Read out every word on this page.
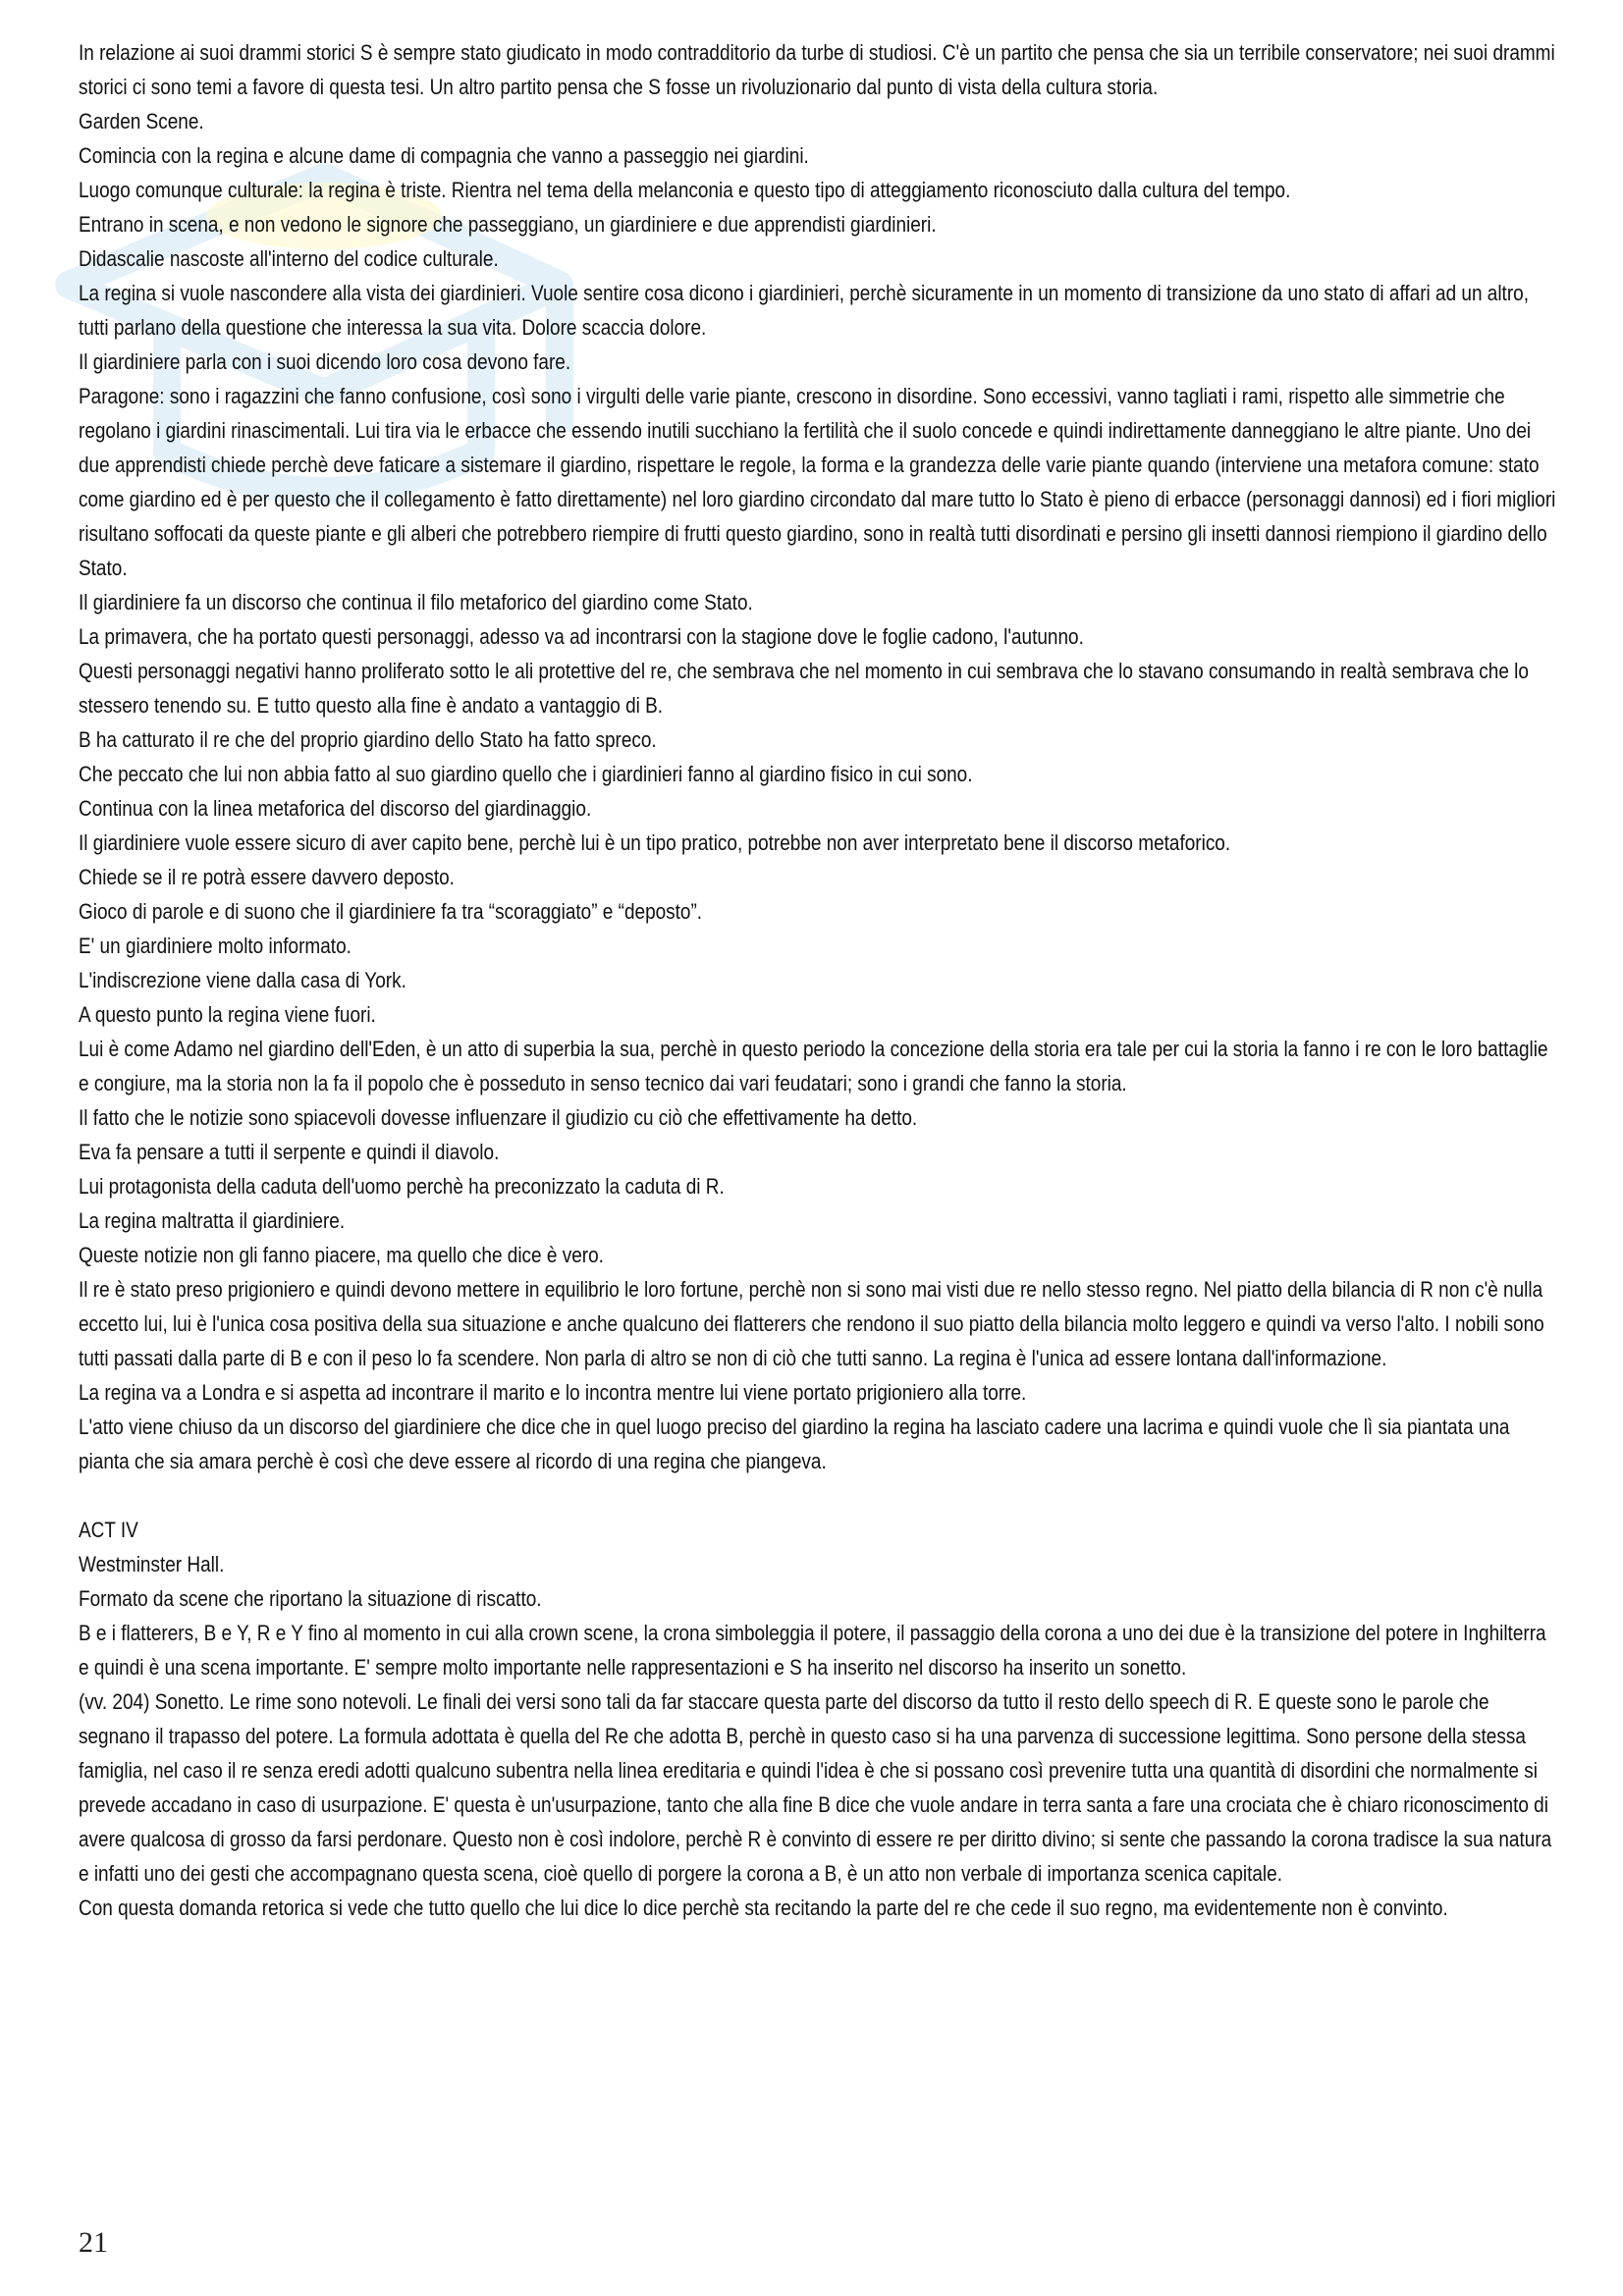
In relazione ai suoi drammi storici S è sempre stato giudicato in modo contradditorio da turbe di studiosi. C'è un partito che pensa che sia un terribile conservatore; nei suoi drammi storici ci sono temi a favore di questa tesi. Un altro partito pensa che S fosse un rivoluzionario dal punto di vista della cultura storia.

Garden Scene.

Comincia con la regina e alcune dame di compagnia che vanno a passeggio nei giardini.

Luogo comunque culturale: la regina è triste. Rientra nel tema della melanconia e questo tipo di atteggiamento riconosciuto dalla cultura del tempo.

Entrano in scena, e non vedono le signore che passeggiano, un giardiniere e due apprendisti giardinieri.

Didascalie nascoste all'interno del codice culturale.

La regina si vuole nascondere alla vista dei giardinieri. Vuole sentire cosa dicono i giardinieri, perchè sicuramente in un momento di transizione da uno stato di affari ad un altro, tutti parlano della questione che interessa la sua vita. Dolore scaccia dolore.

Il giardiniere parla con i suoi dicendo loro cosa devono fare.

Paragone: sono i ragazzini che fanno confusione, così sono i virgulti delle varie piante, crescono in disordine. Sono eccessivi, vanno tagliati i rami, rispetto alle simmetrie che regolano i giardini rinascimentali. Lui tira via le erbacce che essendo inutili succhiano la fertilità che il suolo concede e quindi indirettamente danneggiano le altre piante. Uno dei due apprendisti chiede perchè deve faticare a sistemare il giardino, rispettare le regole, la forma e la grandezza delle varie piante quando (interviene una metafora comune: stato come giardino ed è per questo che il collegamento è fatto direttamente) nel loro giardino circondato dal mare tutto lo Stato è pieno di erbacce (personaggi dannosi) ed i fiori migliori risultano soffocati da queste piante e gli alberi che potrebbero riempire di frutti questo giardino, sono in realtà tutti disordinati e persino gli insetti dannosi riempiono il giardino dello Stato.

Il giardiniere fa un discorso che continua il filo metaforico del giardino come Stato.

La primavera, che ha portato questi personaggi, adesso va ad incontrarsi con la stagione dove le foglie cadono, l'autunno.

Questi personaggi negativi hanno proliferato sotto le ali protettive del re, che sembrava che nel momento in cui sembrava che lo stavano consumando in realtà sembrava che lo stessero tenendo su. E tutto questo alla fine è andato a vantaggio di B.

B ha catturato il re che del proprio giardino dello Stato ha fatto spreco.

Che peccato che lui non abbia fatto al suo giardino quello che i giardinieri fanno al giardino fisico in cui sono.

Continua con la linea metaforica del discorso del giardinaggio.

Il giardiniere vuole essere sicuro di aver capito bene, perchè lui è un tipo pratico, potrebbe non aver interpretato bene il discorso metaforico.

Chiede se il re potrà essere davvero deposto.

Gioco di parole e di suono che il giardiniere fa tra “scoraggiato” e “deposto”.

E' un giardiniere molto informato.

L'indiscrezione viene dalla casa di York.

A questo punto la regina viene fuori.

Lui è come Adamo nel giardino dell'Eden, è un atto di superbia la sua, perchè in questo periodo la concezione della storia era tale per cui la storia la fanno i re con le loro battaglie e congiure, ma la storia non la fa il popolo che è posseduto in senso tecnico dai vari feudatari; sono i grandi che fanno la storia.

Il fatto che le notizie sono spiacevoli dovesse influenzare il giudizio cu ciò che effettivamente ha detto.

Eva fa pensare a tutti il serpente e quindi il diavolo.

Lui protagonista della caduta dell'uomo perchè ha preconizzato la caduta di R.

La regina maltratta il giardiniere.

Queste notizie non gli fanno piacere, ma quello che dice è vero.

Il re è stato preso prigioniero e quindi devono mettere in equilibrio le loro fortune, perchè non si sono mai visti due re nello stesso regno. Nel piatto della bilancia di R non c'è nulla eccetto lui, lui è l'unica cosa positiva della sua situazione e anche qualcuno dei flatterers che rendono il suo piatto della bilancia molto leggero e quindi va verso l'alto. I nobili sono tutti passati dalla parte di B e con il peso lo fa scendere. Non parla di altro se non di ciò che tutti sanno. La regina è l'unica ad essere lontana dall'informazione.

La regina va a Londra e si aspetta ad incontrare il marito e lo incontra mentre lui viene portato prigioniero alla torre.

L'atto viene chiuso da un discorso del giardiniere che dice che in quel luogo preciso del giardino la regina ha lasciato cadere una lacrima e quindi vuole che lì sia piantata una pianta che sia amara perchè è così che deve essere al ricordo di una regina che piangeva.

ACT IV

Westminster Hall.

Formato da scene che riportano la situazione di riscatto.

B e i flatterers, B e Y, R e Y fino al momento in cui alla crown scene, la crona simboleggia il potere, il passaggio della corona a uno dei due è la transizione del potere in Inghilterra e quindi è una scena importante. E' sempre molto importante nelle rappresentazioni e S ha inserito nel discorso ha inserito un sonetto.

(vv. 204) Sonetto. Le rime sono notevoli. Le finali dei versi sono tali da far staccare questa parte del discorso da tutto il resto dello speech di R. E queste sono le parole che segnano il trapasso del potere. La formula adottata è quella del Re che adotta B, perchè in questo caso si ha una parvenza di successione legittima. Sono persone della stessa famiglia, nel caso il re senza eredi adotti qualcuno subentra nella linea ereditaria e quindi l'idea è che si possano così prevenire tutta una quantità di disordini che normalmente si prevede accadano in caso di usurpazione. E' questa è un'usurpazione, tanto che alla fine B dice che vuole andare in terra santa a fare una crociata che è chiaro riconoscimento di avere qualcosa di grosso da farsi perdonare. Questo non è così indolore, perchè R è convinto di essere re per diritto divino; si sente che passando la corona tradisce la sua natura e infatti uno dei gesti che accompagnano questa scena, cioè quello di porgere la corona a B, è un atto non verbale di importanza scenica capitale.

Con questa domanda retorica si vede che tutto quello che lui dice lo dice perchè sta recitando la parte del re che cede il suo regno, ma evidentemente non è convinto.

21
